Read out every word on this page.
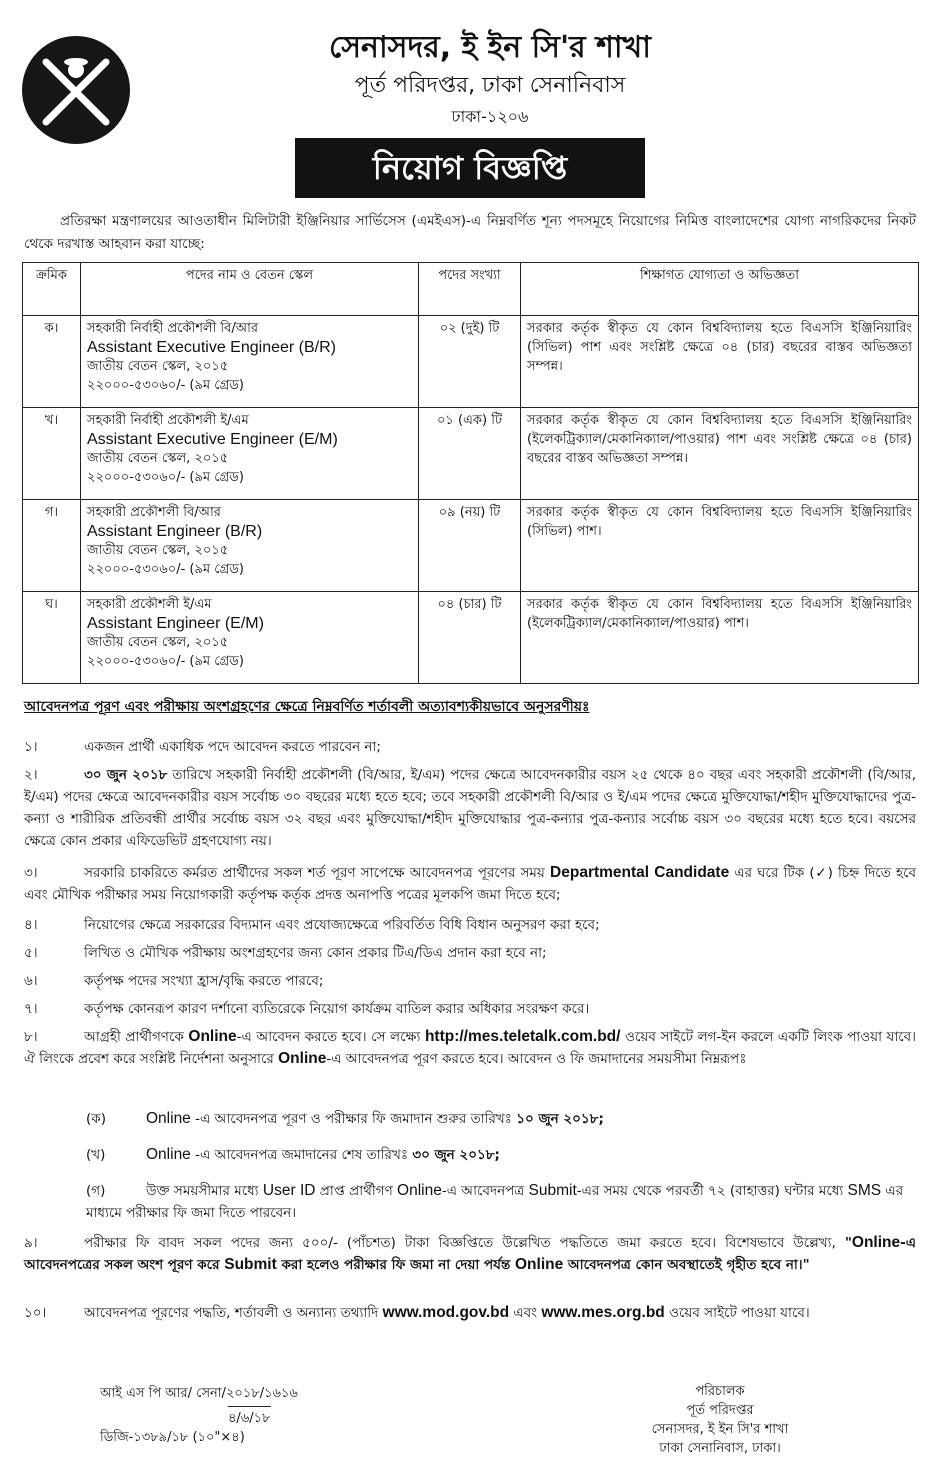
সেনাসদর, ই ইন সি'র শাখা
পূর্ত পরিদপ্তর, ঢাকা সেনানিবাস
ঢাকা-১২০৬
নিয়োগ বিজ্ঞপ্তি
প্রতিরক্ষা মন্ত্রণালয়ের আওতাধীন মিলিটারী ইঞ্জিনিয়ার সার্ভিসেস (এমইএস)-এ নিম্নবর্ণিত শূন্য পদসমূহে নিয়োগের নিমিত্ত বাংলাদেশের যোগ্য নাগরিকদের নিকট থেকে দরখাস্ত আহবান করা যাচ্ছে:
ক্রমিক	পদের নাম ও বেতন স্কেল	পদের সংখ্যা	শিক্ষাগত যোগ্যতা ও অভিজ্ঞতা
ক।	সহকারী নির্বাহী প্রকৌশলী বি/আর
Assistant Executive Engineer (B/R)
জাতীয় বেতন স্কেল, ২০১৫
২২০০০-৫৩০৬০/- (৯ম গ্রেড)	০২ (দুই) টি	সরকার কর্তৃক স্বীকৃত যে কোন বিশ্ববিদ্যালয় হতে বিএসসি ইঞ্জিনিয়ারিং (সিভিল) পাশ এবং সংশ্লিষ্ট ক্ষেত্রে ০৪ (চার) বছরের বাস্তব অভিজ্ঞতা সম্পন্ন।
খ।	সহকারী নির্বাহী প্রকৌশলী ই/এম
Assistant Executive Engineer (E/M)
জাতীয় বেতন স্কেল, ২০১৫
২২০০০-৫৩০৬০/- (৯ম গ্রেড)	০১ (এক) টি	সরকার কর্তৃক স্বীকৃত যে কোন বিশ্ববিদ্যালয় হতে বিএসসি ইঞ্জিনিয়ারিং (ইলেকট্রিক্যাল/মেকানিক্যাল/পাওয়ার) পাশ এবং সংশ্লিষ্ট ক্ষেত্রে ০৪ (চার) বছরের বাস্তব অভিজ্ঞতা সম্পন্ন।
গ।	সহকারী প্রকৌশলী বি/আর
Assistant Engineer (B/R)
জাতীয় বেতন স্কেল, ২০১৫
২২০০০-৫৩০৬০/- (৯ম গ্রেড)	০৯ (নয়) টি	সরকার কর্তৃক স্বীকৃত যে কোন বিশ্ববিদ্যালয় হতে বিএসসি ইঞ্জিনিয়ারিং (সিভিল) পাশ।
ঘ।	সহকারী প্রকৌশলী ই/এম
Assistant Engineer (E/M)
জাতীয় বেতন স্কেল, ২০১৫
২২০০০-৫৩০৬০/- (৯ম গ্রেড)	০৪ (চার) টি	সরকার কর্তৃক স্বীকৃত যে কোন বিশ্ববিদ্যালয় হতে বিএসসি ইঞ্জিনিয়ারিং (ইলেকট্রিক্যাল/মেকানিক্যাল/পাওয়ার) পাশ।
আবেদনপত্র পূরণ এবং পরীক্ষায় অংশগ্রহণের ক্ষেত্রে নিম্নবর্ণিত শর্তাবলী অত্যাবশ্যকীয়ভাবে অনুসরণীয়ঃ
১।	একজন প্রার্থী একাধিক পদে আবেদন করতে পারবেন না;
২।	৩০ জুন ২০১৮ তারিখে সহকারী নির্বাহী প্রকৌশলী (বি/আর, ই/এম) পদের ক্ষেত্রে আবেদনকারীর বয়স ২৫ থেকে ৪০ বছর এবং সহকারী প্রকৌশলী (বি/আর, ই/এম) পদের ক্ষেত্রে আবেদনকারীর বয়স সর্বোচ্চ ৩০ বছরের মধ্যে হতে হবে; তবে সহকারী প্রকৌশলী বি/আর ও ই/এম পদের ক্ষেত্রে মুক্তিযোদ্ধা/শহীদ মুক্তিযোদ্ধাদের পুত্র-কন্যা ও শারীরিক প্রতিবন্ধী প্রার্থীর সর্বোচ্চ বয়স ৩২ বছর এবং মুক্তিযোদ্ধা/শহীদ মুক্তিযোদ্ধার পুত্র-কন্যার পুত্র-কন্যার সর্বোচ্চ বয়স ৩০ বছরের মধ্যে হতে হবে। বয়সের ক্ষেত্রে কোন প্রকার এফিডেভিট গ্রহণযোগ্য নয়।
৩।	সরকারি চাকরিতে কর্মরত প্রার্থীদের সকল শর্ত পূরণ সাপেক্ষে আবেদনপত্র পূরণের সময় Departmental Candidate এর ঘরে টিক (✓) চিহ্ন দিতে হবে এবং মৌখিক পরীক্ষার সময় নিয়োগকারী কর্তৃপক্ষ কর্তৃক প্রদত্ত অনাপত্তি পত্রের মূলকপি জমা দিতে হবে;
৪।	নিয়োগের ক্ষেত্রে সরকারের বিদ্যমান এবং প্রযোজ্যক্ষেত্রে পরিবর্তিত বিধি বিধান অনুসরণ করা হবে;
৫।	লিখিত ও মৌখিক পরীক্ষায় অংশগ্রহণের জন্য কোন প্রকার টিএ/ডিএ প্রদান করা হবে না;
৬।	কর্তৃপক্ষ পদের সংখ্যা হ্রাস/বৃদ্ধি করতে পারবে;
৭।	কর্তৃপক্ষ কোনরূপ কারণ দর্শানো ব্যতিরেকে নিয়োগ কার্যক্রম বাতিল করার অধিকার সংরক্ষণ করে।
৮।	আগ্রহী প্রার্থীগণকে Online-এ আবেদন করতে হবে। সে লক্ষ্যে http://mes.teletalk.com.bd/ ওয়েব সাইটে লগ-ইন করলে একটি লিংক পাওয়া যাবে। ঐ লিংকে প্রবেশ করে সংশ্লিষ্ট নির্দেশনা অনুসারে Online-এ আবেদনপত্র পূরণ করতে হবে। আবেদন ও ফি জমাদানের সময়সীমা নিম্নরূপঃ
(ক)	Online -এ আবেদনপত্র পূরণ ও পরীক্ষার ফি জমাদান শুরুর তারিখঃ ১০ জুন ২০১৮;
(খ)	Online -এ আবেদনপত্র জমাদানের শেষ তারিখঃ ৩০ জুন ২০১৮;
(গ)	উক্ত সময়সীমার মধ্যে User ID প্রাপ্ত প্রার্থীগণ Online-এ আবেদনপত্র Submit-এর সময় থেকে পরবর্তী ৭২ (বাহাত্তর) ঘন্টার মধ্যে SMS এর মাধ্যমে পরীক্ষার ফি জমা দিতে পারবেন।
৯।	পরীক্ষার ফি বাবদ সকল পদের জন্য ৫০০/- (পাঁচশত) টাকা বিজ্ঞপ্তিতে উল্লেখিত পদ্ধতিতে জমা করতে হবে। বিশেষভাবে উল্লেখ্য, "Online-এ আবেদনপত্রের সকল অংশ পূরণ করে Submit করা হলেও পরীক্ষার ফি জমা না দেয়া পর্যন্ত Online আবেদনপত্র কোন অবস্থাতেই গৃহীত হবে না।"
১০।	আবেদনপত্র পূরণের পদ্ধতি, শর্তাবলী ও অন্যান্য তথ্যাদি www.mod.gov.bd এবং www.mes.org.bd ওয়েব সাইটে পাওয়া যাবে।
আই এস পি আর/ সেনা/২০১৮/১৬১৬
৪/৬/১৮
ডিজি-১৩৮৯/১৮ (১০"×৪)
পরিচালক
পূর্ত পরিদপ্তর
সেনাসদর, ই ইন সি'র শাখা
ঢাকা সেনানিবাস, ঢাকা।
